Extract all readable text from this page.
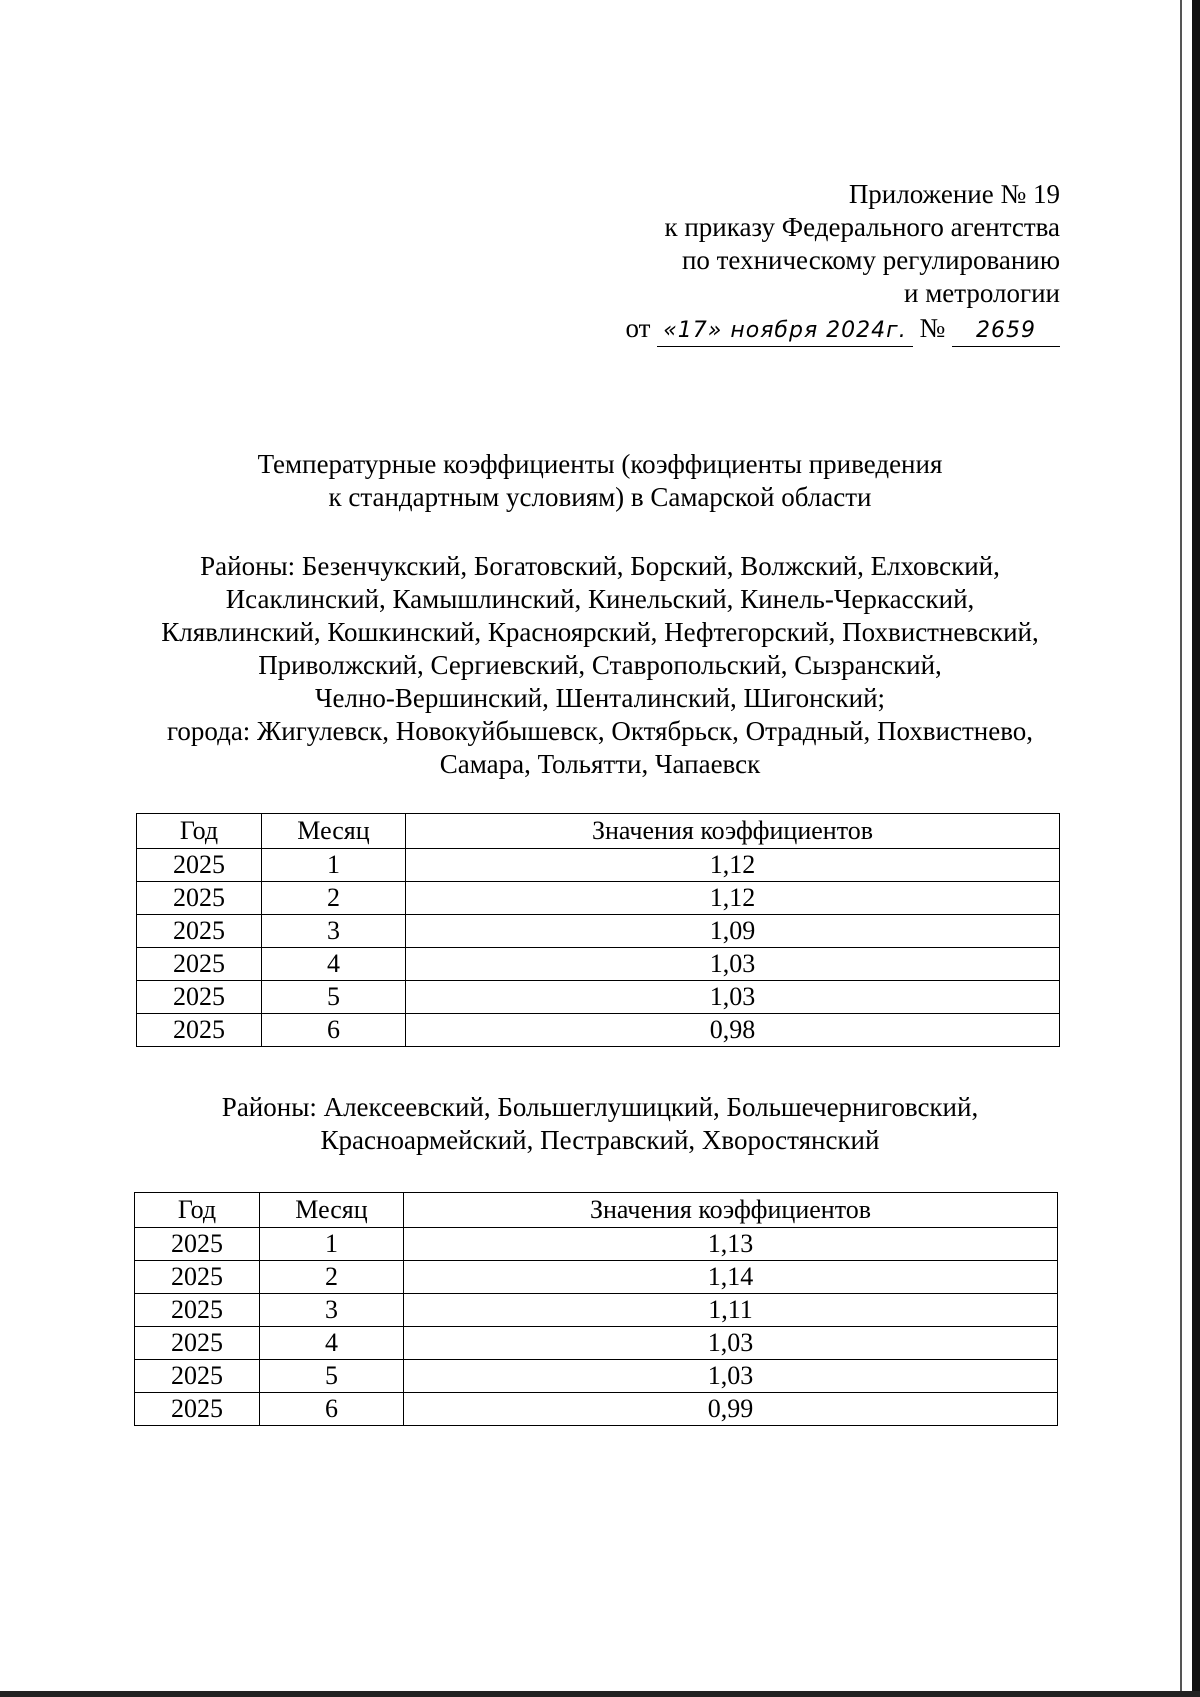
Приложение № 19
к приказу Федерального агентства
по техническому регулированию
и метрологии
от «17» ноября 2024г. № 2659
Температурные коэффициенты (коэффициенты приведения
к стандартным условиям) в Самарской области
Районы: Безенчукский, Богатовский, Борский, Волжский, Елховский,
Исаклинский, Камышлинский, Кинельский, Кинель-Черкасский,
Клявлинский, Кошкинский, Красноярский, Нефтегорский, Похвистневский,
Приволжский, Сергиевский, Ставропольский, Сызранский,
Челно-Вершинский, Шенталинский, Шигонский;
города: Жигулевск, Новокуйбышевск, Октябрьск, Отрадный, Похвистнево,
Самара, Тольятти, Чапаевск
Год	Месяц	Значения коэффициентов
2025	1	1,12
2025	2	1,12
2025	3	1,09
2025	4	1,03
2025	5	1,03
2025	6	0,98
Районы: Алексеевский, Большеглушицкий, Большечерниговский,
Красноармейский, Пестравский, Хворостянский
Год	Месяц	Значения коэффициентов
2025	1	1,13
2025	2	1,14
2025	3	1,11
2025	4	1,03
2025	5	1,03
2025	6	0,99
